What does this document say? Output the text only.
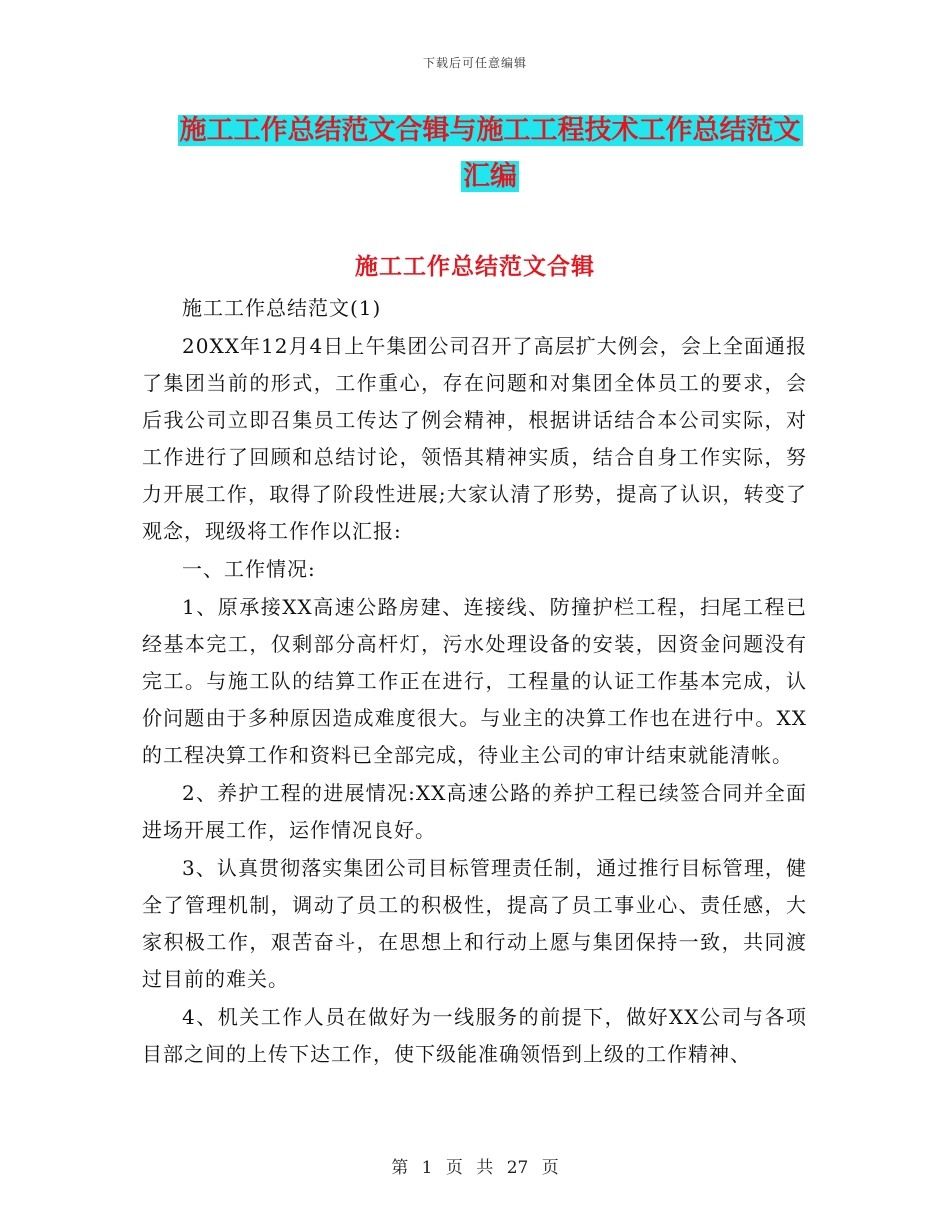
下载后可任意编辑
施工工作总结范文合辑与施工工程技术工作总结范文
汇编
施工工作总结范文合辑

施工工作总结范文(1)

20XX年12月4日上午集团公司召开了高层扩大例会，会上全面通报了集团当前的形式，工作重心，存在问题和对集团全体员工的要求，会后我公司立即召集员工传达了例会精神，根据讲话结合本公司实际，对工作进行了回顾和总结讨论，领悟其精神实质，结合自身工作实际，努力开展工作，取得了阶段性进展;大家认清了形势，提高了认识，转变了观念，现级将工作作以汇报:

一、工作情况:

1、原承接XX高速公路房建、连接线、防撞护栏工程，扫尾工程已经基本完工，仅剩部分高杆灯，污水处理设备的安装，因资金问题没有完工。与施工队的结算工作正在进行，工程量的认证工作基本完成，认价问题由于多种原因造成难度很大。与业主的决算工作也在进行中。XX的工程决算工作和资料已全部完成，待业主公司的审计结束就能清帐。

2、养护工程的进展情况:XX高速公路的养护工程已续签合同并全面进场开展工作，运作情况良好。

3、认真贯彻落实集团公司目标管理责任制，通过推行目标管理，健全了管理机制，调动了员工的积极性，提高了员工事业心、责任感，大家积极工作，艰苦奋斗，在思想上和行动上愿与集团保持一致，共同渡过目前的难关。

4、机关工作人员在做好为一线服务的前提下，做好XX公司与各项目部之间的上传下达工作，使下级能准确领悟到上级的工作精神、

第 1 页 共 27 页
